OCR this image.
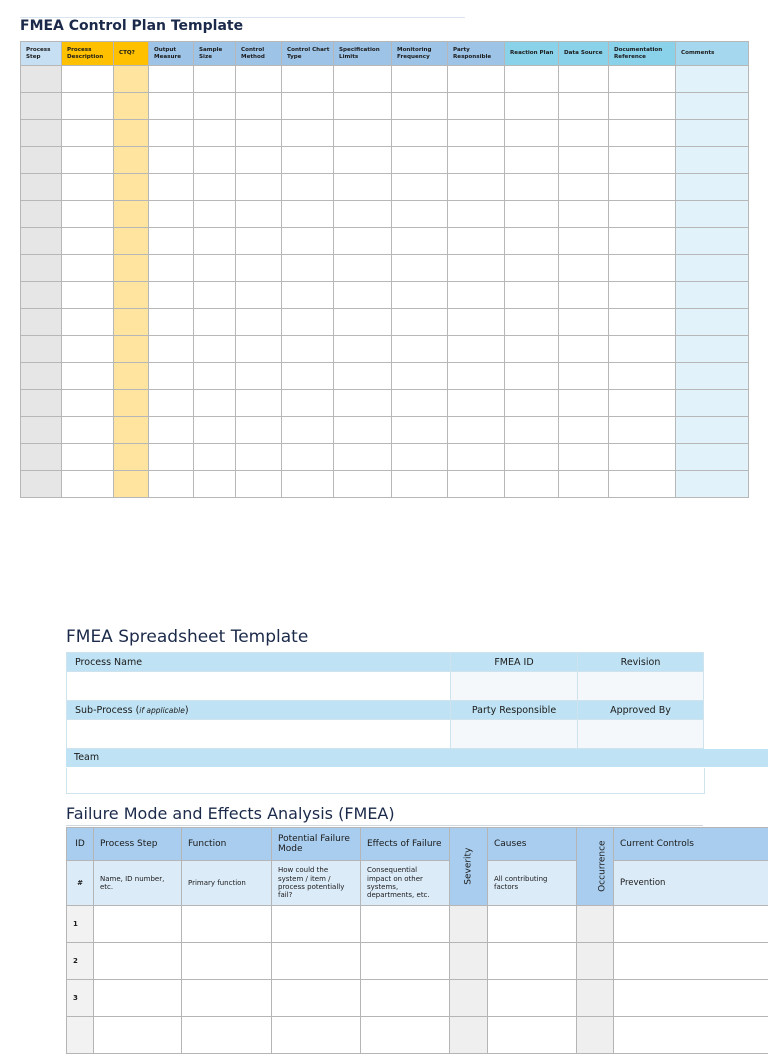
FMEA Control Plan Template
Process Step	Process Description	CTQ?	Output Measure	Sample Size	Control Method	Control Chart Type	Specification Limits	Monitoring Frequency	Party Responsible	Reaction Plan	Data Source	Documentation Reference	Comments

FMEA Spreadsheet Template
Process Name	FMEA ID	Revision

Sub-Process (if applicable)	Party Responsible	Approved By

Team
Failure Mode and Effects Analysis (FMEA)
ID	Process Step	Function	Potential Failure Mode	Effects of Failure	Severity	Causes	Occurrence	Current Controls
#	Name, ID number, etc.	Primary function	How could the system / item / process potentially fail?	Consequential impact on other systems, departments, etc.		All contributing factors		Prevention
1								
2								
3								
